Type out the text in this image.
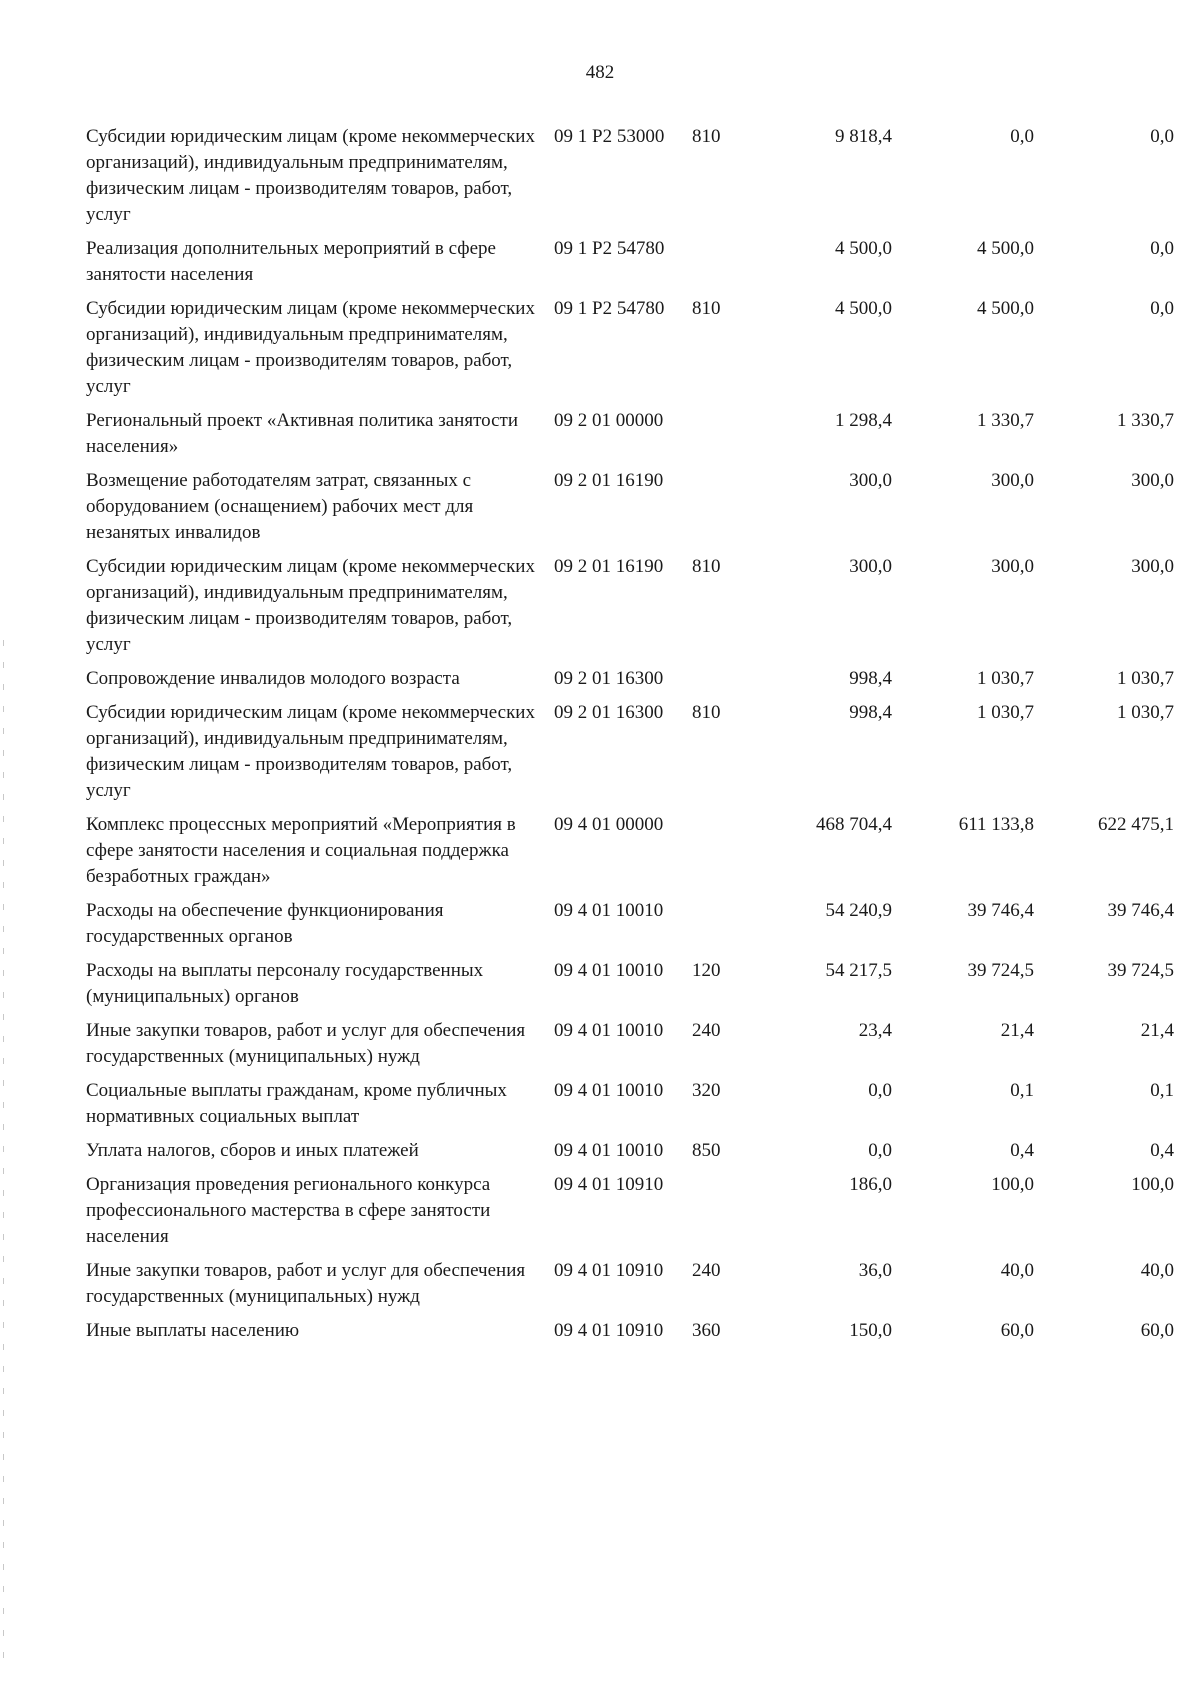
482
Субсидии юридическим лицам (кроме некоммерческих организаций), индивидуальным предпринимателям, физическим лицам - производителям товаров, работ, услуг	09 1 P2 53000	810	9 818,4	0,0	0,0
Реализация дополнительных мероприятий в сфере занятости населения	09 1 P2 54780		4 500,0	4 500,0	0,0
Субсидии юридическим лицам (кроме некоммерческих организаций), индивидуальным предпринимателям, физическим лицам - производителям товаров, работ, услуг	09 1 P2 54780	810	4 500,0	4 500,0	0,0
Региональный проект «Активная политика занятости населения»	09 2 01 00000		1 298,4	1 330,7	1 330,7
Возмещение работодателям затрат, связанных с оборудованием (оснащением) рабочих мест для незанятых инвалидов	09 2 01 16190		300,0	300,0	300,0
Субсидии юридическим лицам (кроме некоммерческих организаций), индивидуальным предпринимателям, физическим лицам - производителям товаров, работ, услуг	09 2 01 16190	810	300,0	300,0	300,0
Сопровождение инвалидов молодого возраста	09 2 01 16300		998,4	1 030,7	1 030,7
Субсидии юридическим лицам (кроме некоммерческих организаций), индивидуальным предпринимателям, физическим лицам - производителям товаров, работ, услуг	09 2 01 16300	810	998,4	1 030,7	1 030,7
Комплекс процессных мероприятий «Мероприятия в сфере занятости населения и социальная поддержка безработных граждан»	09 4 01 00000		468 704,4	611 133,8	622 475,1
Расходы на обеспечение функционирования государственных органов	09 4 01 10010		54 240,9	39 746,4	39 746,4
Расходы на выплаты персоналу государственных (муниципальных) органов	09 4 01 10010	120	54 217,5	39 724,5	39 724,5
Иные закупки товаров, работ и услуг для обеспечения государственных (муниципальных) нужд	09 4 01 10010	240	23,4	21,4	21,4
Социальные выплаты гражданам, кроме публичных нормативных социальных выплат	09 4 01 10010	320	0,0	0,1	0,1
Уплата налогов, сборов и иных платежей	09 4 01 10010	850	0,0	0,4	0,4
Организация проведения регионального конкурса профессионального мастерства в сфере занятости населения	09 4 01 10910		186,0	100,0	100,0
Иные закупки товаров, работ и услуг для обеспечения государственных (муниципальных) нужд	09 4 01 10910	240	36,0	40,0	40,0
Иные выплаты населению	09 4 01 10910	360	150,0	60,0	60,0
